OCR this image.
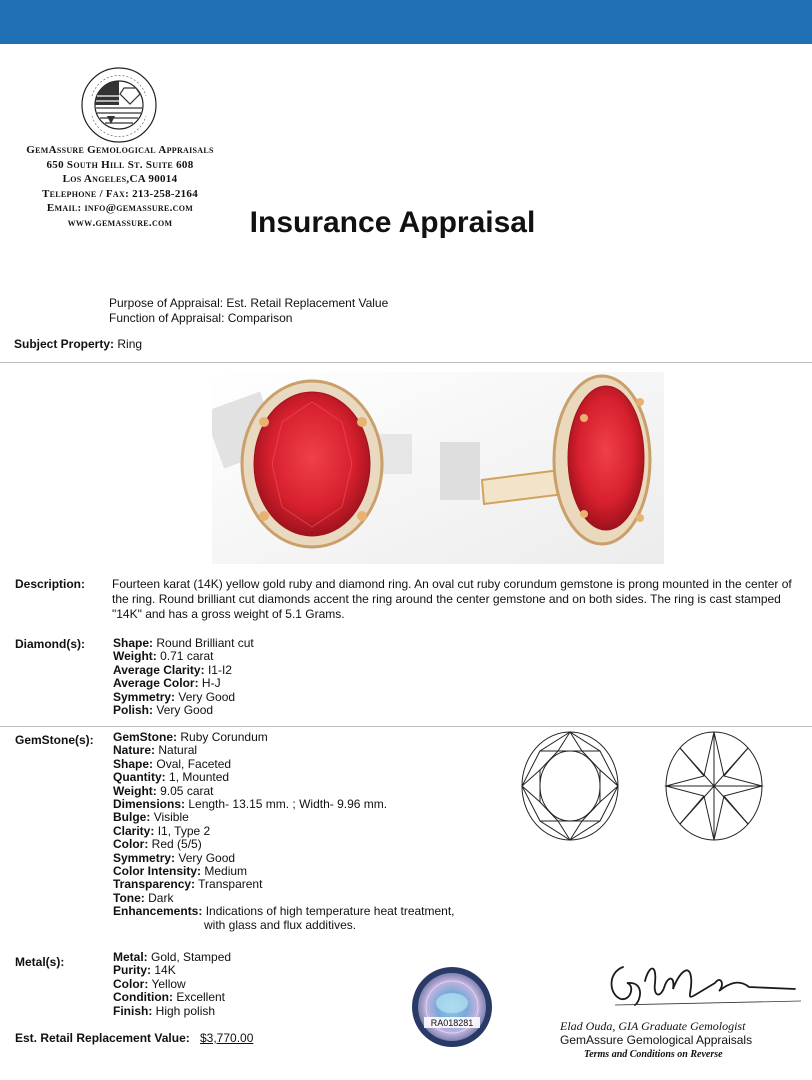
GemAssure Gemological Appraisals
650 South Hill St. Suite 608
Los Angeles,CA 90014
Telephone / Fax: 213-258-2164
Email: info@gemassure.com
www.gemassure.com	Insurance Appraisal
Purpose of Appraisal: Est. Retail Replacement Value
Function of Appraisal: Comparison
Subject Property: Ring
Description: Fourteen karat (14K) yellow gold ruby and diamond ring. An oval cut ruby corundum gemstone is prong mounted in the center of the ring. Round brilliant cut diamonds accent the ring around the center gemstone and on both sides. The ring is cast stamped "14K" and has a gross weight of 5.1 Grams.
Diamond(s): Shape: Round Brilliant cut
Weight: 0.71 carat
Average Clarity: I1-I2
Average Color: H-J
Symmetry: Very Good
Polish: Very Good
GemStone(s): GemStone: Ruby Corundum
Nature: Natural
Shape: Oval, Faceted
Quantity: 1, Mounted
Weight: 9.05 carat
Dimensions: Length- 13.15 mm. ; Width- 9.96 mm.
Bulge: Visible
Clarity: I1, Type 2
Color: Red (5/5)
Symmetry: Very Good
Color Intensity: Medium
Transparency: Transparent
Tone: Dark
Enhancements: Indications of high temperature heat treatment,
with glass and flux additives.
Metal(s):	Metal: Gold, Stamped
Purity: 14K
Color: Yellow
Condition: Excellent
Finish: High polish
RA018281
Est. Retail Replacement Value: $3,770.00
Elad Ouda, GIA Graduate Gemologist
GemAssure Gemological Appraisals
Terms and Conditions on Reverse
